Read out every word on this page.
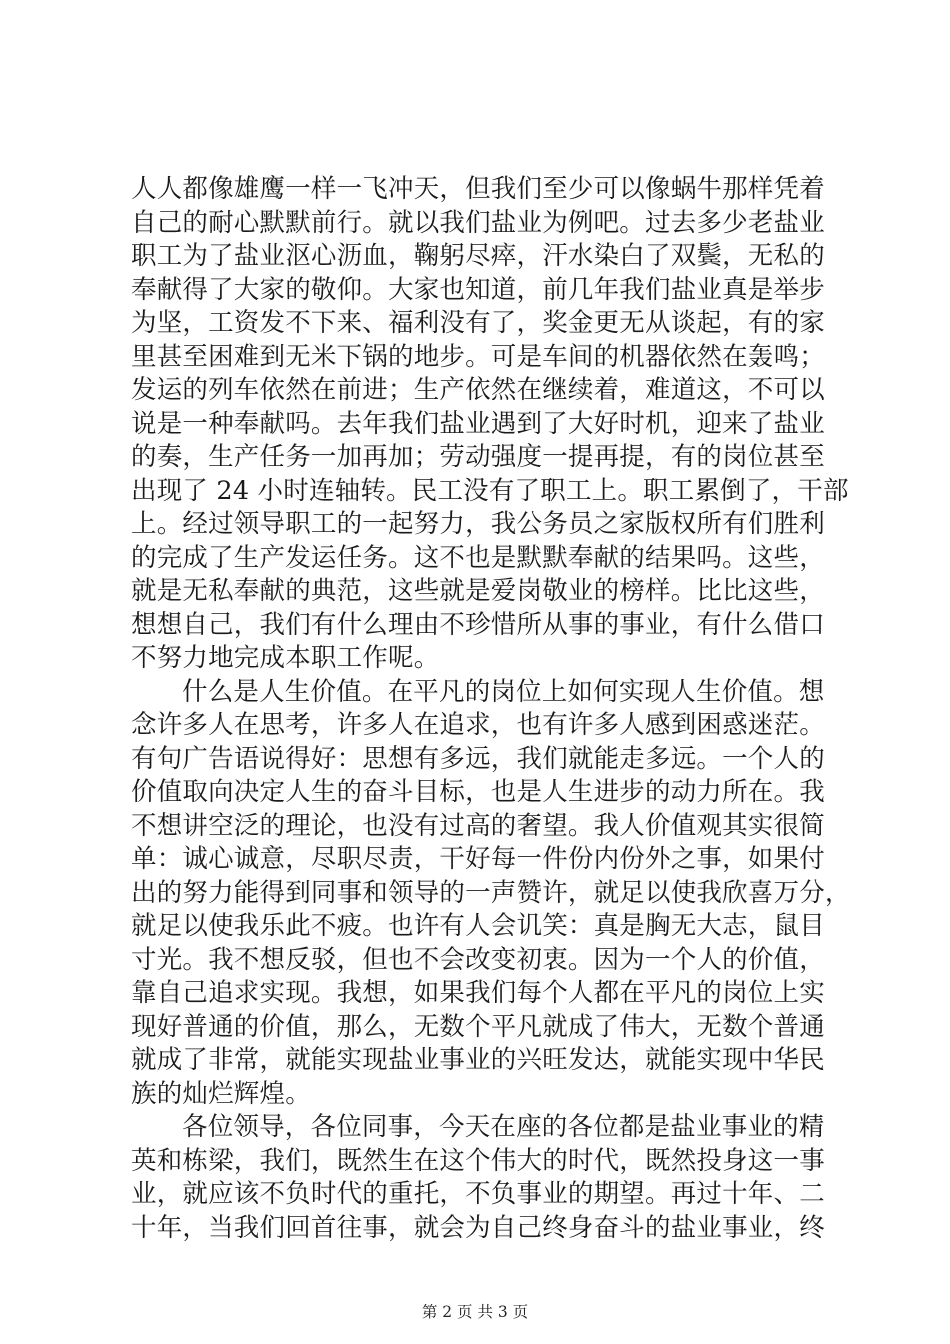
人人都像雄鹰一样一飞冲天，但我们至少可以像蜗牛那样凭着
自己的耐心默默前行。就以我们盐业为例吧。过去多少老盐业
职工为了盐业沤心沥血，鞠躬尽瘁，汗水染白了双鬓，无私的
奉献得了大家的敬仰。大家也知道，前几年我们盐业真是举步
为坚，工资发不下来、福利没有了，奖金更无从谈起，有的家
里甚至困难到无米下锅的地步。可是车间的机器依然在轰鸣；
发运的列车依然在前进；生产依然在继续着，难道这，不可以
说是一种奉献吗。去年我们盐业遇到了大好时机，迎来了盐业
的奏，生产任务一加再加；劳动强度一提再提，有的岗位甚至
出现了 24 小时连轴转。民工没有了职工上。职工累倒了，干部
上。经过领导职工的一起努力，我公务员之家版权所有们胜利
的完成了生产发运任务。这不也是默默奉献的结果吗。这些，
就是无私奉献的典范，这些就是爱岗敬业的榜样。比比这些，
想想自己，我们有什么理由不珍惜所从事的事业，有什么借口
不努力地完成本职工作呢。
什么是人生价值。在平凡的岗位上如何实现人生价值。想
念许多人在思考，许多人在追求，也有许多人感到困惑迷茫。
有句广告语说得好：思想有多远，我们就能走多远。一个人的
价值取向决定人生的奋斗目标，也是人生进步的动力所在。我
不想讲空泛的理论，也没有过高的奢望。我人价值观其实很简
单：诚心诚意，尽职尽责，干好每一件份内份外之事，如果付
出的努力能得到同事和领导的一声赞许，就足以使我欣喜万分，
就足以使我乐此不疲。也许有人会讥笑：真是胸无大志，鼠目
寸光。我不想反驳，但也不会改变初衷。因为一个人的价值，
靠自己追求实现。我想，如果我们每个人都在平凡的岗位上实
现好普通的价值，那么，无数个平凡就成了伟大，无数个普通
就成了非常，就能实现盐业事业的兴旺发达，就能实现中华民
族的灿烂辉煌。
各位领导，各位同事，今天在座的各位都是盐业事业的精
英和栋梁，我们，既然生在这个伟大的时代，既然投身这一事
业，就应该不负时代的重托，不负事业的期望。再过十年、二
十年，当我们回首往事，就会为自己终身奋斗的盐业事业，终
第 2 页 共 3 页
